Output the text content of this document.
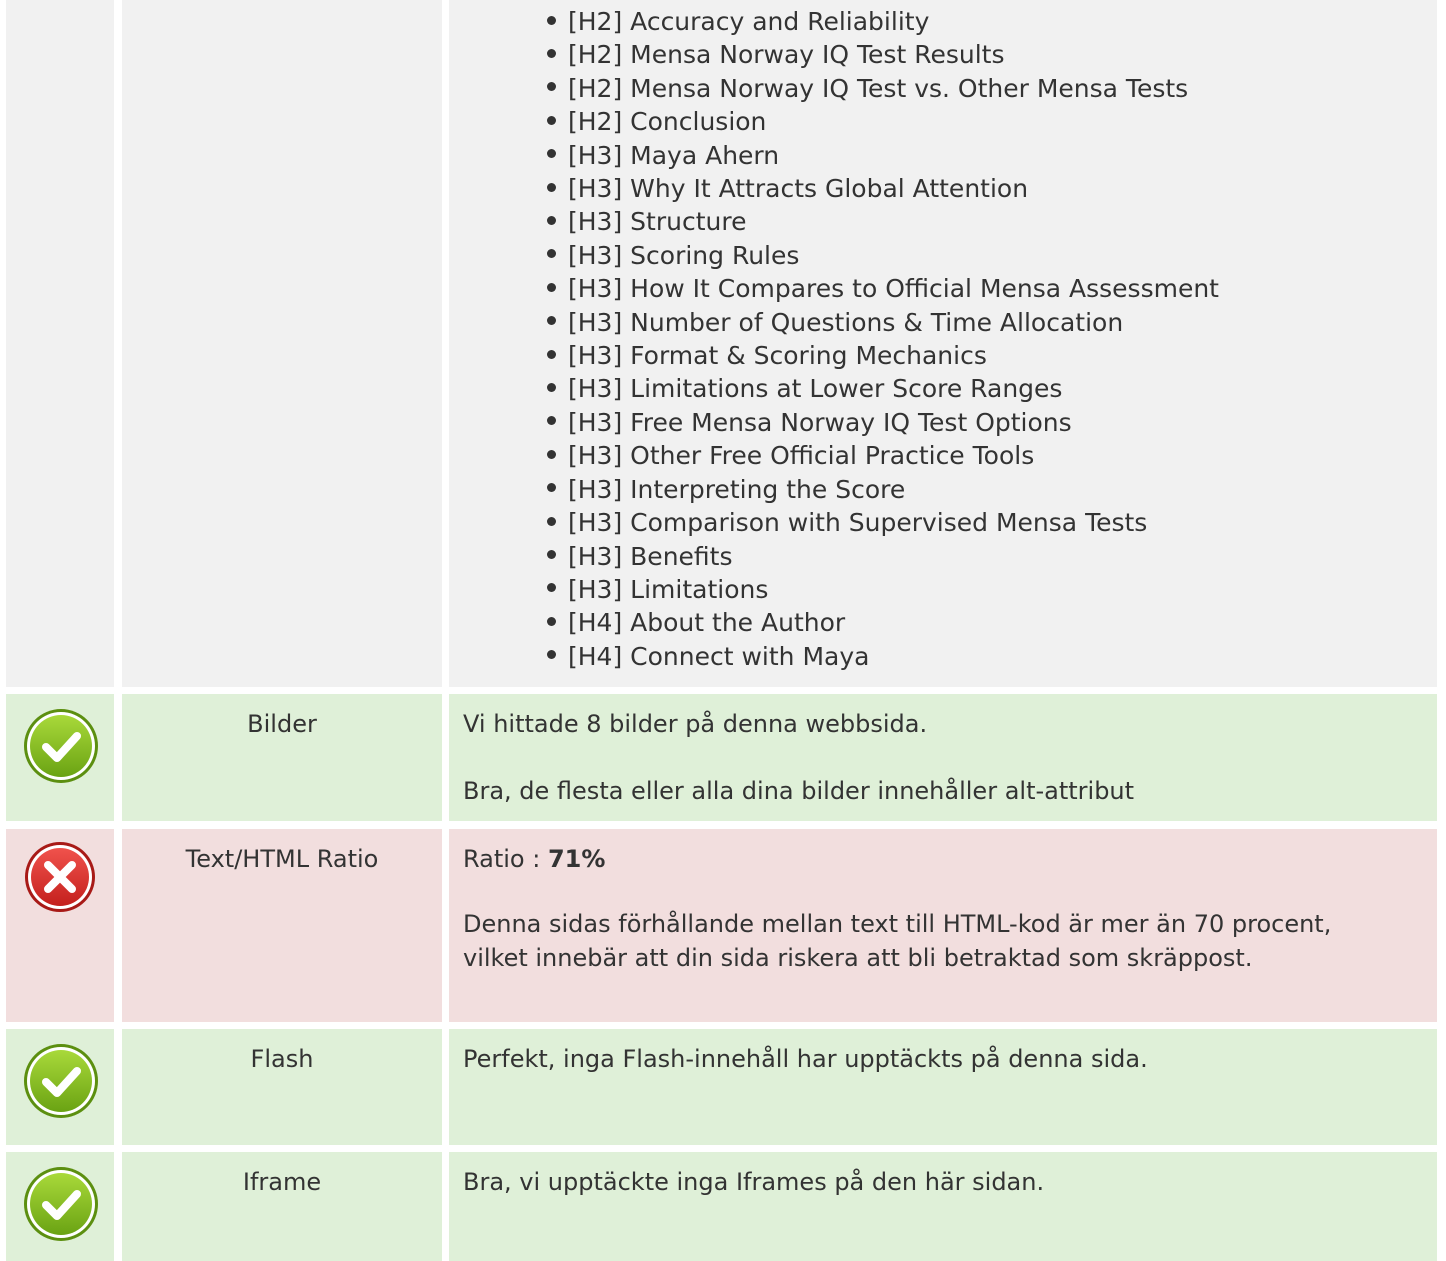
[H2] Accuracy and Reliability
[H2] Mensa Norway IQ Test Results
[H2] Mensa Norway IQ Test vs. Other Mensa Tests
[H2] Conclusion
[H3] Maya Ahern
[H3] Why It Attracts Global Attention
[H3] Structure
[H3] Scoring Rules
[H3] How It Compares to Official Mensa Assessment
[H3] Number of Questions & Time Allocation
[H3] Format & Scoring Mechanics
[H3] Limitations at Lower Score Ranges
[H3] Free Mensa Norway IQ Test Options
[H3] Other Free Official Practice Tools
[H3] Interpreting the Score
[H3] Comparison with Supervised Mensa Tests
[H3] Benefits
[H3] Limitations
[H4] About the Author
[H4] Connect with Maya
Bilder	Vi hittade 8 bilder på denna webbsida.

Bra, de flesta eller alla dina bilder innehåller alt-attribut

Text/HTML Ratio	Ratio : 71%

Denna sidas förhållande mellan text till HTML-kod är mer än 70 procent, vilket innebär att din sida riskera att bli betraktad som skräppost.

Flash	Perfekt, inga Flash-innehåll har upptäckts på denna sida.

Iframe	Bra, vi upptäckte inga Iframes på den här sidan.
